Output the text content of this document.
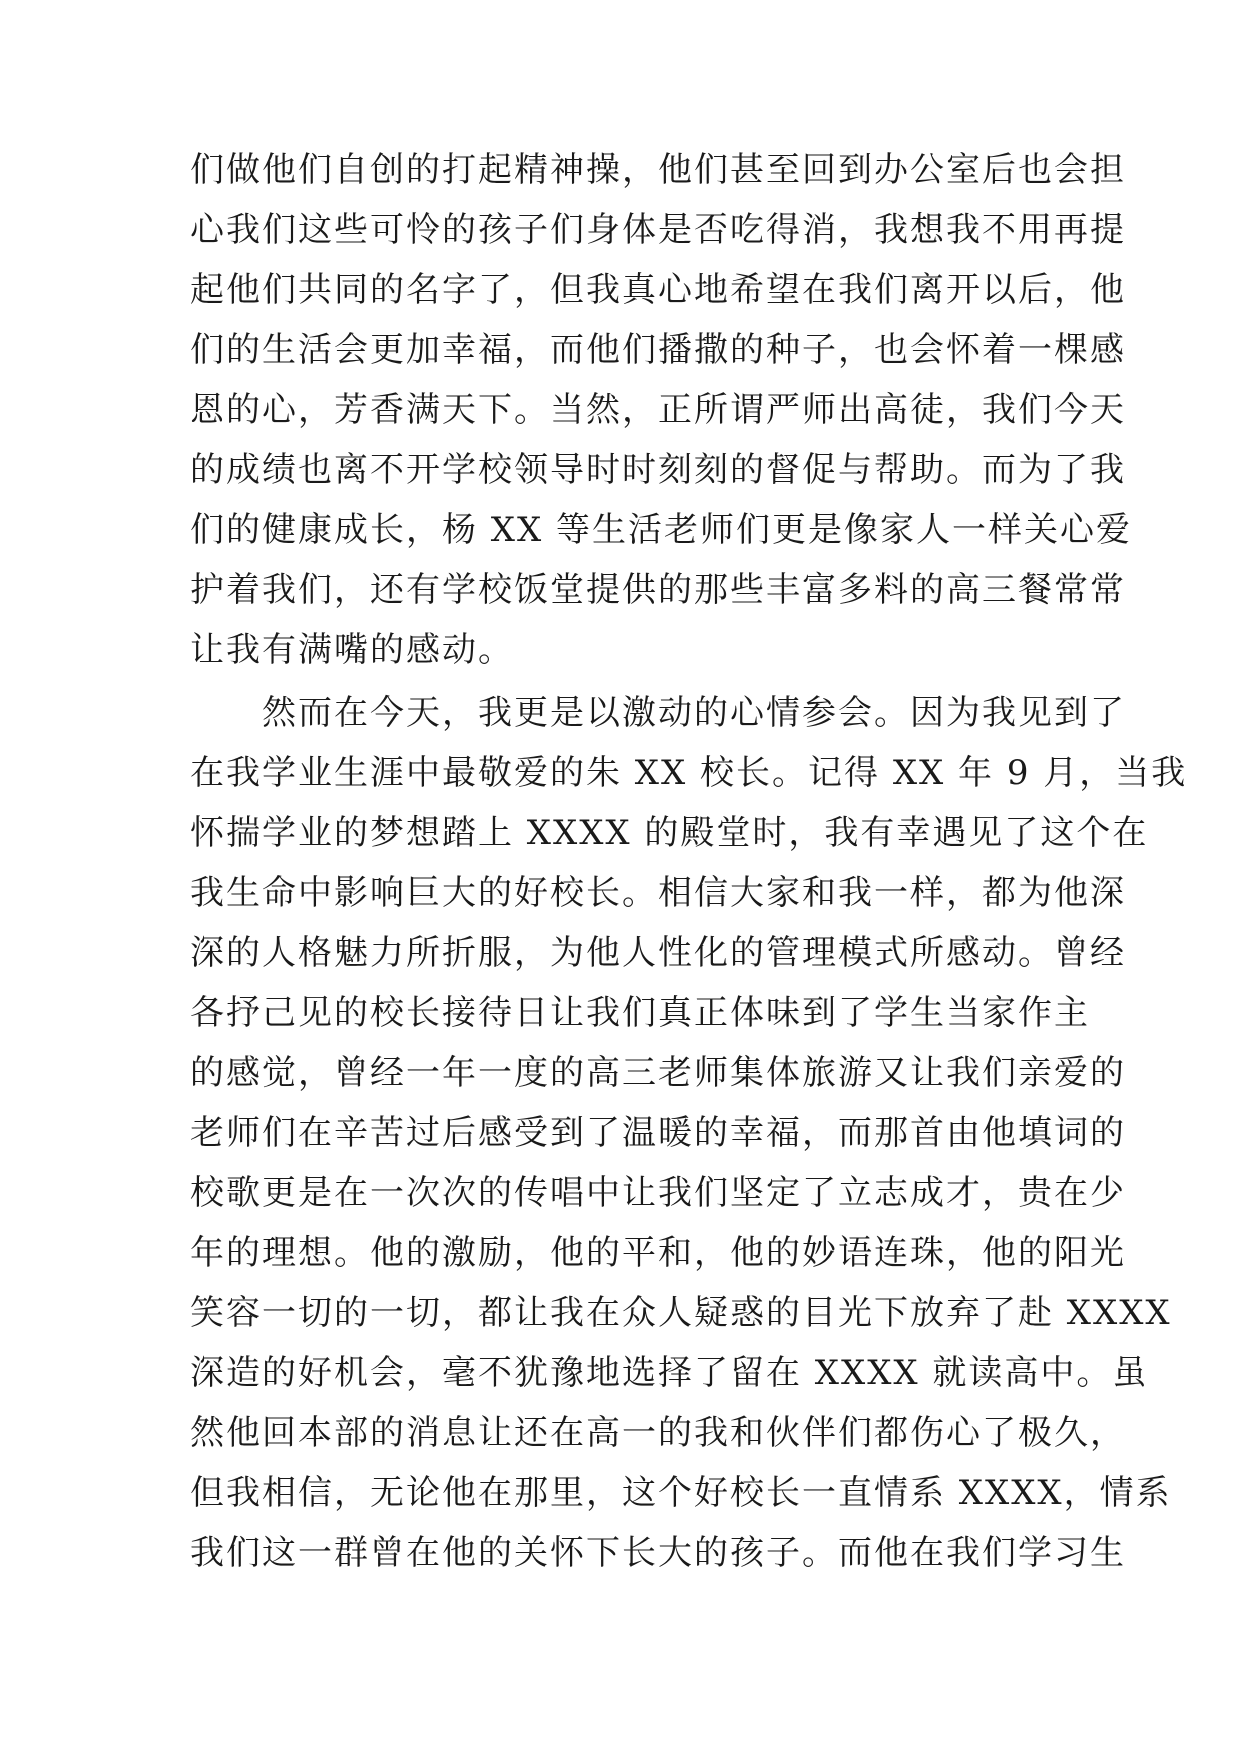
们做他们自创的打起精神操，他们甚至回到办公室后也会担
心我们这些可怜的孩子们身体是否吃得消，我想我不用再提
起他们共同的名字了，但我真心地希望在我们离开以后，他
们的生活会更加幸福，而他们播撒的种子，也会怀着一棵感
恩的心，芳香满天下。当然，正所谓严师出高徒，我们今天
的成绩也离不开学校领导时时刻刻的督促与帮助。而为了我
们的健康成长，杨 XX 等生活老师们更是像家人一样关心爱
护着我们，还有学校饭堂提供的那些丰富多料的高三餐常常
让我有满嘴的感动。
　　然而在今天，我更是以激动的心情参会。因为我见到了
在我学业生涯中最敬爱的朱 XX 校长。记得 XX 年 9 月，当我
怀揣学业的梦想踏上 XXXX 的殿堂时，我有幸遇见了这个在
我生命中影响巨大的好校长。相信大家和我一样，都为他深
深的人格魅力所折服，为他人性化的管理模式所感动。曾经
各抒己见的校长接待日让我们真正体味到了学生当家作主
的感觉，曾经一年一度的高三老师集体旅游又让我们亲爱的
老师们在辛苦过后感受到了温暖的幸福，而那首由他填词的
校歌更是在一次次的传唱中让我们坚定了立志成才，贵在少
年的理想。他的激励，他的平和，他的妙语连珠，他的阳光
笑容一切的一切，都让我在众人疑惑的目光下放弃了赴 XXXX
深造的好机会，毫不犹豫地选择了留在 XXXX 就读高中。虽
然他回本部的消息让还在高一的我和伙伴们都伤心了极久，
但我相信，无论他在那里，这个好校长一直情系 XXXX，情系
我们这一群曾在他的关怀下长大的孩子。而他在我们学习生
